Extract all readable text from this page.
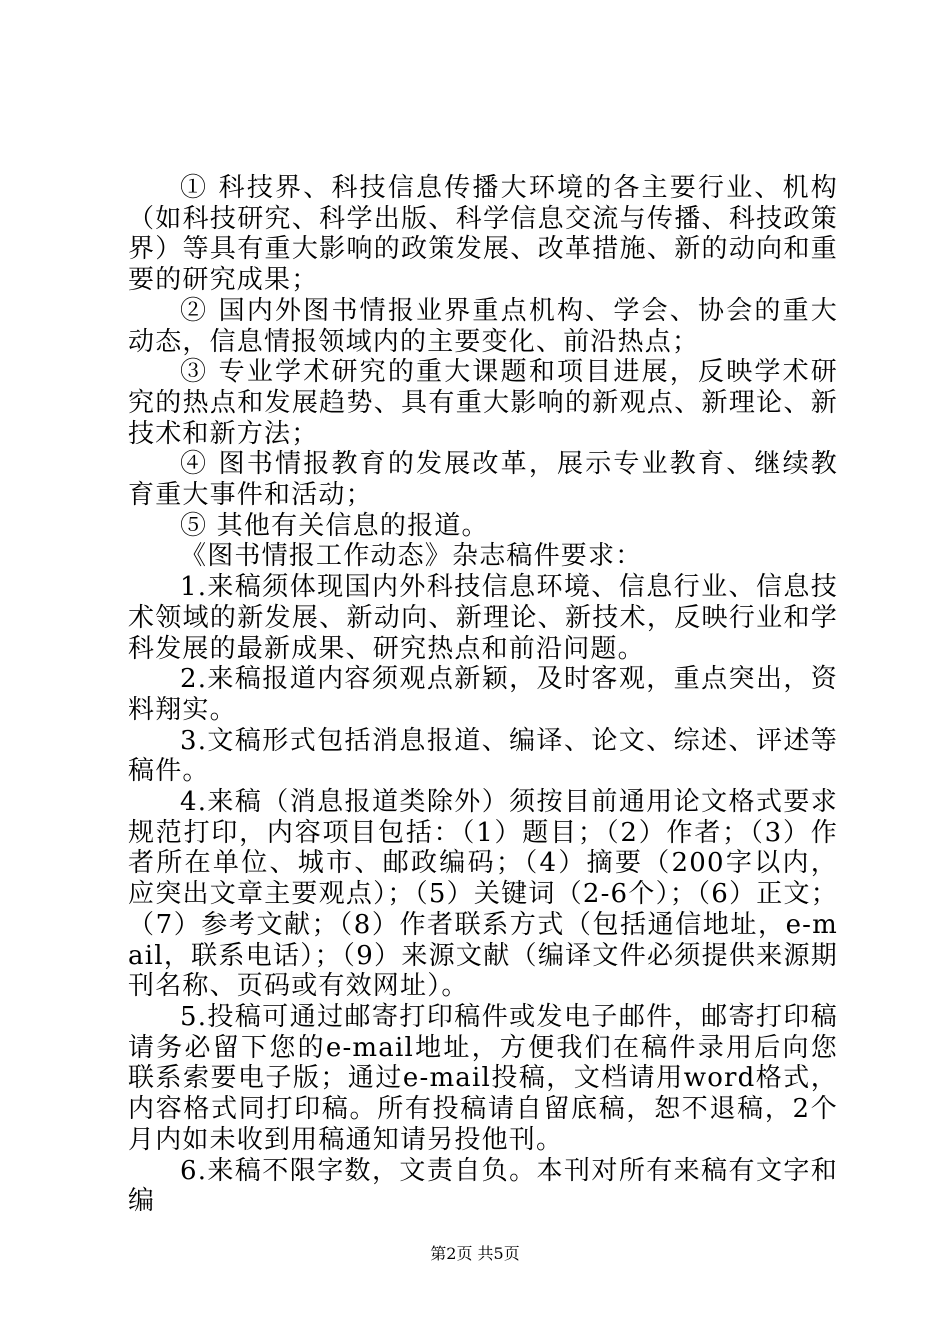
① 科技界、科技信息传播大环境的各主要行业、机构（如科技研究、科学出版、科学信息交流与传播、科技政策界）等具有重大影响的政策发展、改革措施、新的动向和重要的研究成果；

② 国内外图书情报业界重点机构、学会、协会的重大动态，信息情报领域内的主要变化、前沿热点；

③ 专业学术研究的重大课题和项目进展，反映学术研究的热点和发展趋势、具有重大影响的新观点、新理论、新技术和新方法；

④ 图书情报教育的发展改革，展示专业教育、继续教育重大事件和活动；

⑤ 其他有关信息的报道。

《图书情报工作动态》杂志稿件要求：

1.来稿须体现国内外科技信息环境、信息行业、信息技术领域的新发展、新动向、新理论、新技术，反映行业和学科发展的最新成果、研究热点和前沿问题。

2.来稿报道内容须观点新颖，及时客观，重点突出，资料翔实。

3.文稿形式包括消息报道、编译、论文、综述、评述等稿件。

4.来稿（消息报道类除外）须按目前通用论文格式要求规范打印，内容项目包括：（1）题目；（2）作者；（3）作者所在单位、城市、邮政编码；（4）摘要（200字以内，应突出文章主要观点）；（5）关键词（2-6个）；（6）正文；（7）参考文献；（8）作者联系方式（包括通信地址，e-mail，联系电话）；（9）来源文献（编译文件必须提供来源期刊名称、页码或有效网址）。

5.投稿可通过邮寄打印稿件或发电子邮件，邮寄打印稿请务必留下您的e-mail地址，方便我们在稿件录用后向您联系索要电子版；通过e-mail投稿，文档请用word格式，内容格式同打印稿。所有投稿请自留底稿，恕不退稿，2个月内如未收到用稿通知请另投他刊。

6.来稿不限字数，文责自负。本刊对所有来稿有文字和编

第2页 共5页
